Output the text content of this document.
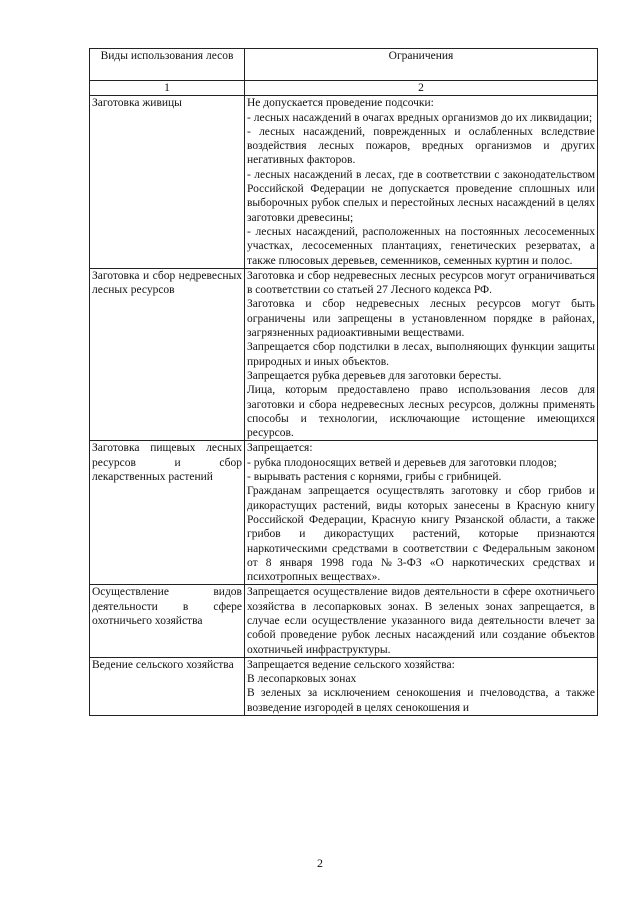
Виды использования лесов	Ограничения
1	2
Заготовка живицы	Не допускается проведение подсочки:

- лесных насаждений в очагах вредных организмов до их ликвидации;

- лесных насаждений, поврежденных и ослабленных вследствие воздействия лесных пожаров, вредных организмов и других негативных факторов.

- лесных насаждений в лесах, где в соответствии с законодательством Российской Федерации не допускается проведение сплошных или выборочных рубок спелых и перестойных лесных насаждений в целях заготовки древесины;

- лесных насаждений, расположенных на постоянных лесосеменных участках, лесосеменных плантациях, генетических резерватах, а также плюсовых деревьев, семенников, семенных куртин и полос.

Заготовка и сбор недревесных лесных ресурсов	Заготовка и сбор недревесных лесных ресурсов могут ограничиваться в соответствии со статьей 27 Лесного кодекса РФ.

Заготовка и сбор недревесных лесных ресурсов могут быть ограничены или запрещены в установленном порядке в районах, загрязненных радиоактивными веществами.

Запрещается сбор подстилки в лесах, выполняющих функции защиты природных и иных объектов.

Запрещается рубка деревьев для заготовки бересты.

Лица, которым предоставлено право использования лесов для заготовки и сбора недревесных лесных ресурсов, должны применять способы и технологии, исключающие истощение имеющихся ресурсов.

Заготовка пищевых лесных ресурсов и сбор лекарственных растений	Запрещается:

- рубка плодоносящих ветвей и деревьев для заготовки плодов;

- вырывать растения с корнями, грибы с грибницей.

Гражданам запрещается осуществлять заготовку и сбор грибов и дикорастущих растений, виды которых занесены в Красную книгу Российской Федерации, Красную книгу Рязанской области, а также грибов и дикорастущих растений, которые признаются наркотическими средствами в соответствии с Федеральным законом от 8 января 1998 года №3-ФЗ «О наркотических средствах и психотропных веществах».

Осуществление видов деятельности в сфере охотничьего хозяйства	Запрещается осуществление видов деятельности в сфере охотничьего хозяйства в лесопарковых зонах. В зеленых зонах запрещается, в случае если осуществление указанного вида деятельности влечет за собой проведение рубок лесных насаждений или создание объектов охотничьей инфраструктуры.

Ведение сельского хозяйства	Запрещается ведение сельского хозяйства:

В лесопарковых зонах

В зеленых за исключением сенокошения и пчеловодства, а также возведение изгородей в целях сенокошения и

2
